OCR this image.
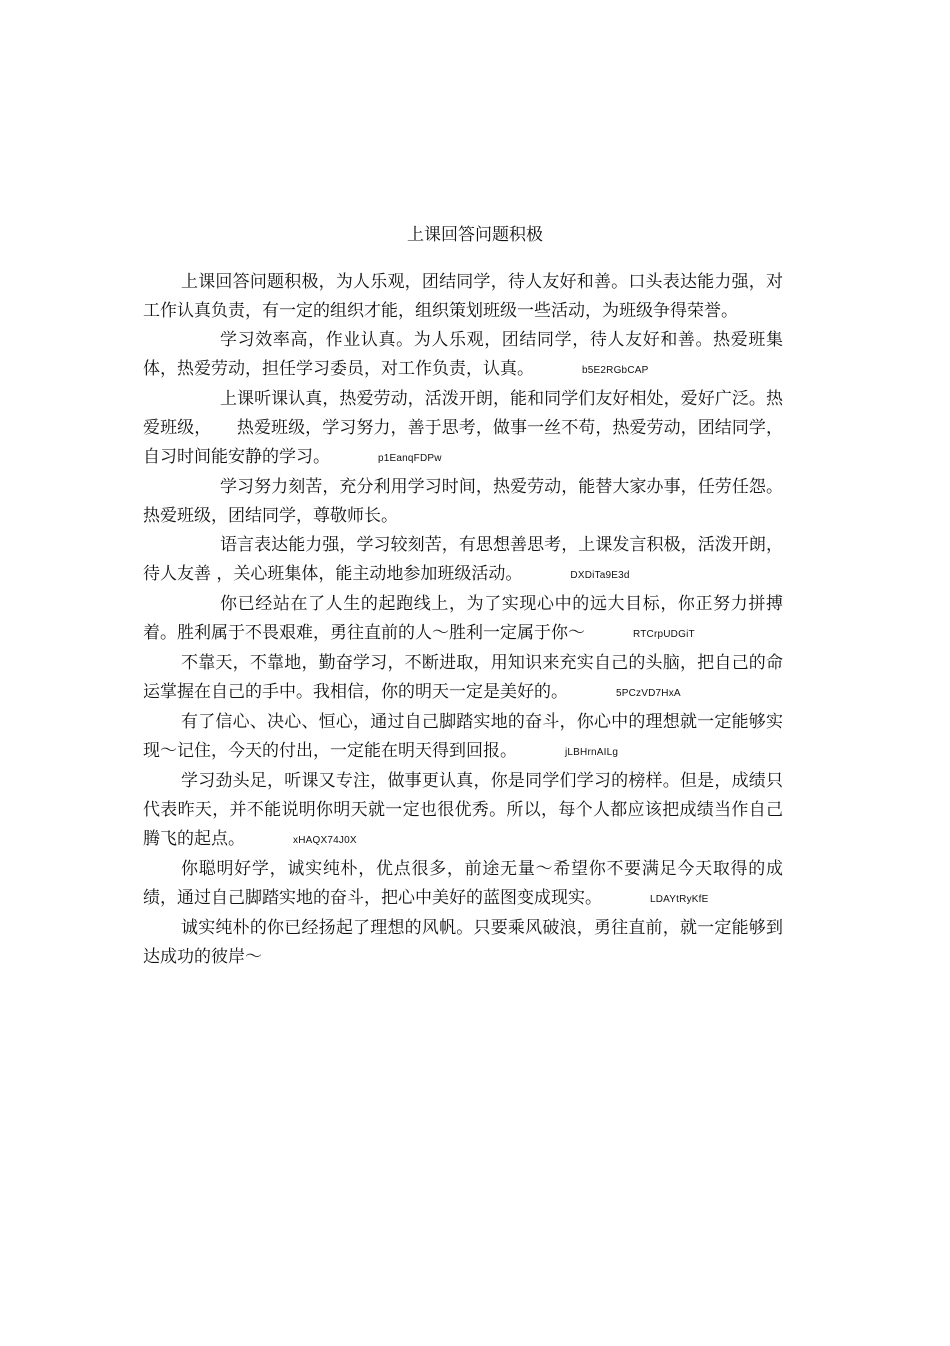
上课回答问题积极

上课回答问题积极，为人乐观，团结同学，待人友好和善。口头表达能力强，对工作认真负责，有一定的组织才能，组织策划班级一些活动，为班级争得荣誉。

学习效率高，作业认真。为人乐观，团结同学，待人友好和善。热爱班集体，热爱劳动，担任学习委员，对工作负责，认真。	b5E2RGbCAP

上课听课认真，热爱劳动，活泼开朗，能和同学们友好相处，爱好广泛。热爱班级，　　热爱班级，学习努力，善于思考，做事一丝不苟，热爱劳动，团结同学，自习时间能安静的学习。	p1EanqFDPw

学习努力刻苦，充分利用学习时间，热爱劳动，能替大家办事，任劳任怨。热爱班级，团结同学，尊敬师长。

语言表达能力强，学习较刻苦，有思想善思考，上课发言积极，活泼开朗，待人友善 ，关心班集体，能主动地参加班级活动。	DXDiTa9E3d

你已经站在了人生的起跑线上，为了实现心中的远大目标，你正努力拼搏着。胜利属于不畏艰难，勇往直前的人～胜利一定属于你～	RTCrpUDGiT

不靠天，不靠地，勤奋学习，不断进取，用知识来充实自己的头脑，把自己的命运掌握在自己的手中。我相信，你的明天一定是美好的。	5PCzVD7HxA

有了信心、决心、恒心，通过自己脚踏实地的奋斗，你心中的理想就一定能够实现～记住，今天的付出，一定能在明天得到回报。	jLBHrnAILg

学习劲头足，听课又专注，做事更认真，你是同学们学习的榜样。但是，成绩只代表昨天，并不能说明你明天就一定也很优秀。所以，每个人都应该把成绩当作自己腾飞的起点。	xHAQX74J0X

你聪明好学，诚实纯朴，优点很多，前途无量～希望你不要满足今天取得的成绩，通过自己脚踏实地的奋斗，把心中美好的蓝图变成现实。	LDAYtRyKfE

诚实纯朴的你已经扬起了理想的风帆。只要乘风破浪，勇往直前，就一定能够到达成功的彼岸～
